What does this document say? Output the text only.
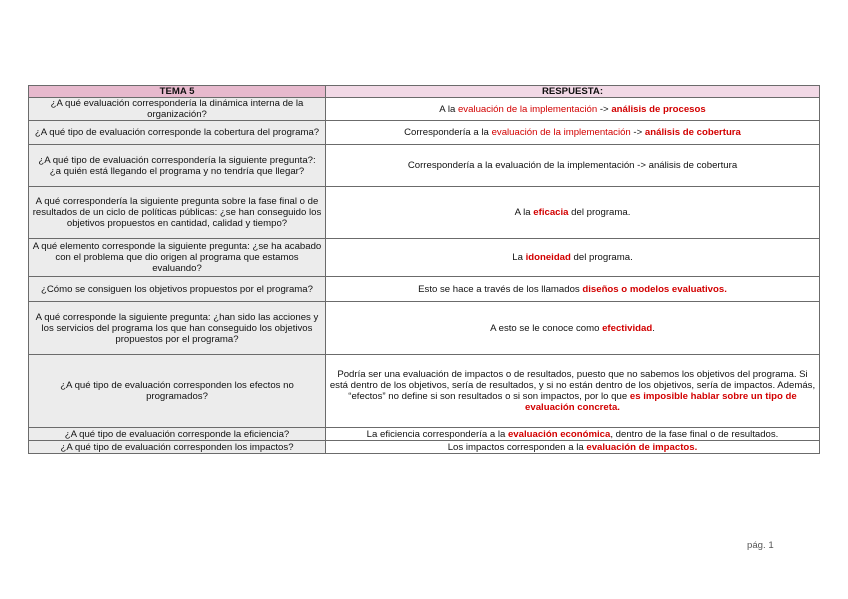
TEMA 5	RESPUESTA:
¿A qué evaluación correspondería la dinámica interna de la organización?	A la evaluación de la implementación -> análisis de procesos
¿A qué tipo de evaluación corresponde la cobertura del programa?	Correspondería a la evaluación de la implementación -> análisis de cobertura
¿A qué tipo de evaluación correspondería la siguiente pregunta?: ¿a quién está llegando el programa y no tendría que llegar?	Correspondería a la evaluación de la implementación -> análisis de cobertura
A qué correspondería la siguiente pregunta sobre la fase final o de resultados de un ciclo de políticas públicas: ¿se han conseguido los objetivos propuestos en cantidad, calidad y tiempo?	A la eficacia del programa.
A qué elemento corresponde la siguiente pregunta: ¿se ha acabado con el problema que dio origen al programa que estamos evaluando?	La idoneidad del programa.
¿Cómo se consiguen los objetivos propuestos por el programa?	Esto se hace a través de los llamados diseños o modelos evaluativos.
A qué corresponde la siguiente pregunta: ¿han sido las acciones y los servicios del programa los que han conseguido los objetivos propuestos por el programa?	A esto se le conoce como efectividad.
¿A qué tipo de evaluación corresponden los efectos no programados?	Podría ser una evaluación de impactos o de resultados, puesto que no sabemos los objetivos del programa. Si está dentro de los objetivos, sería de resultados, y si no están dentro de los objetivos, sería de impactos. Además, “efectos” no define si son resultados o si son impactos, por lo que es imposible hablar sobre un tipo de evaluación concreta.
¿A qué tipo de evaluación corresponde la eficiencia?	La eficiencia correspondería a la evaluación económica, dentro de la fase final o de resultados.
¿A qué tipo de evaluación corresponden los impactos?	Los impactos corresponden a la evaluación de impactos.
pág. 1
